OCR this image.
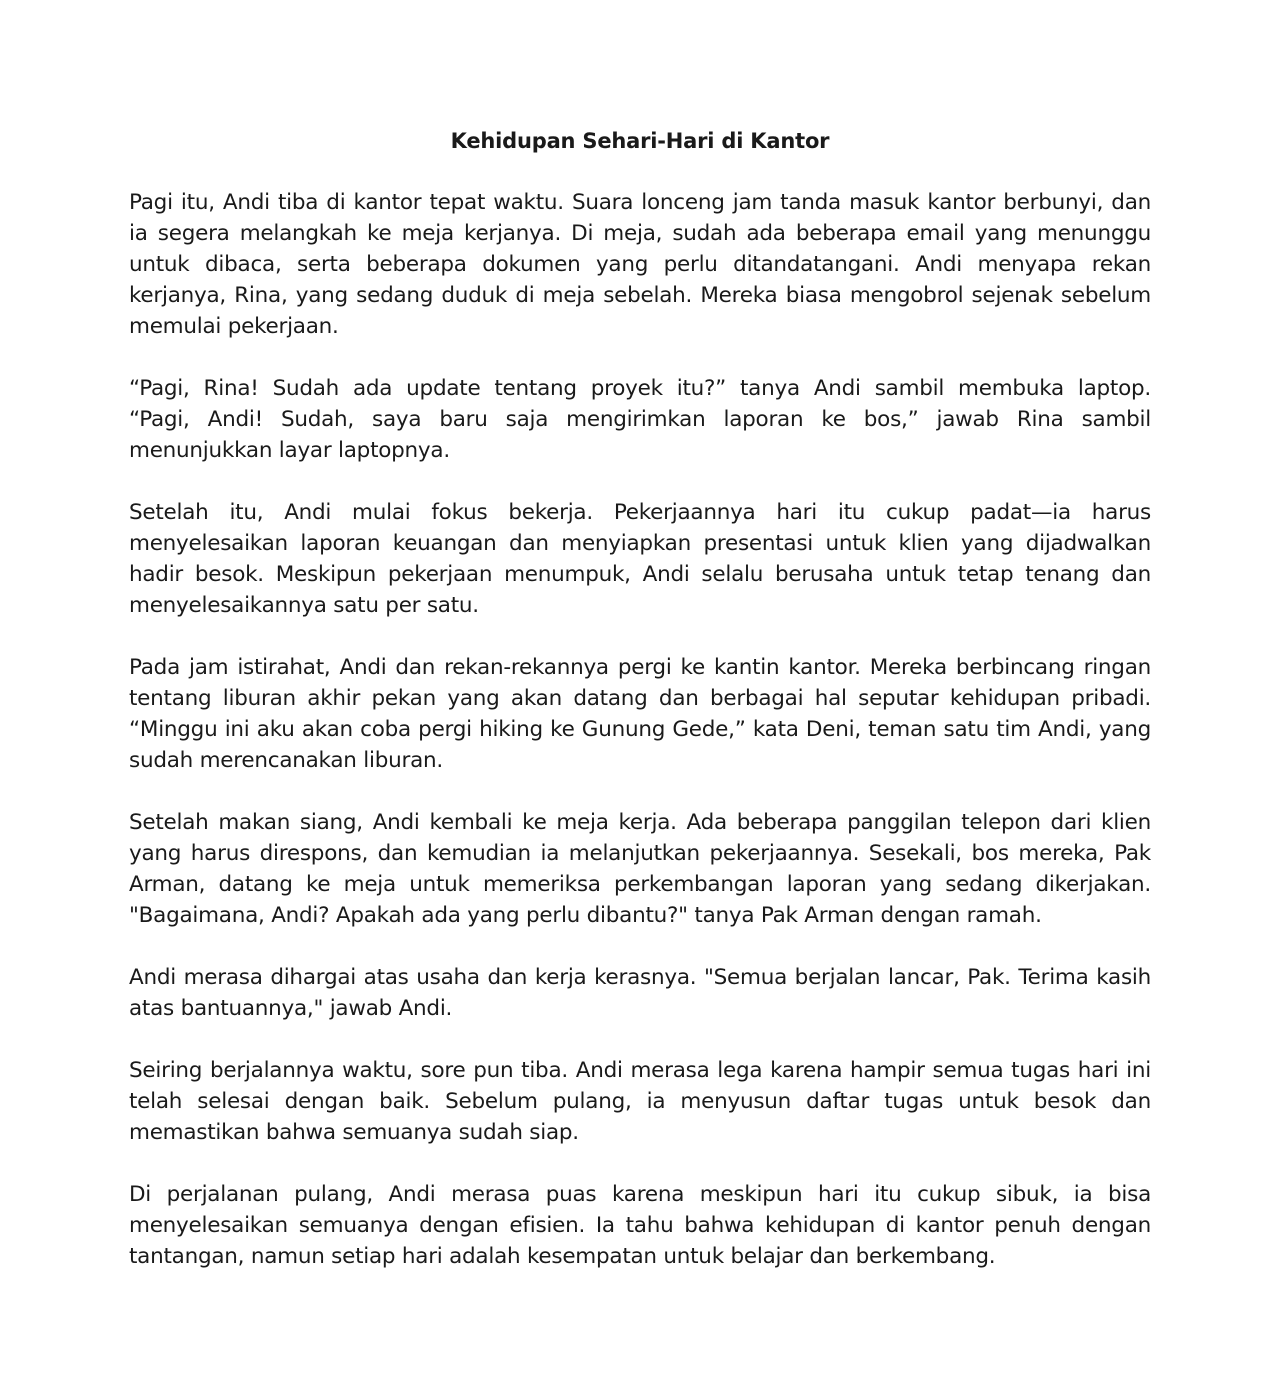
Kehidupan Sehari-Hari di Kantor
Pagi itu, Andi tiba di kantor tepat waktu. Suara lonceng jam tanda masuk kantor berbunyi, dan
ia segera melangkah ke meja kerjanya. Di meja, sudah ada beberapa email yang menunggu
untuk dibaca, serta beberapa dokumen yang perlu ditandatangani. Andi menyapa rekan
kerjanya, Rina, yang sedang duduk di meja sebelah. Mereka biasa mengobrol sejenak sebelum
memulai pekerjaan.
“Pagi, Rina! Sudah ada update tentang proyek itu?” tanya Andi sambil membuka laptop.
“Pagi, Andi! Sudah, saya baru saja mengirimkan laporan ke bos,” jawab Rina sambil
menunjukkan layar laptopnya.
Setelah itu, Andi mulai fokus bekerja. Pekerjaannya hari itu cukup padat—ia harus
menyelesaikan laporan keuangan dan menyiapkan presentasi untuk klien yang dijadwalkan
hadir besok. Meskipun pekerjaan menumpuk, Andi selalu berusaha untuk tetap tenang dan
menyelesaikannya satu per satu.
Pada jam istirahat, Andi dan rekan-rekannya pergi ke kantin kantor. Mereka berbincang ringan
tentang liburan akhir pekan yang akan datang dan berbagai hal seputar kehidupan pribadi.
“Minggu ini aku akan coba pergi hiking ke Gunung Gede,” kata Deni, teman satu tim Andi, yang
sudah merencanakan liburan.
Setelah makan siang, Andi kembali ke meja kerja. Ada beberapa panggilan telepon dari klien
yang harus direspons, dan kemudian ia melanjutkan pekerjaannya. Sesekali, bos mereka, Pak
Arman, datang ke meja untuk memeriksa perkembangan laporan yang sedang dikerjakan.
"Bagaimana, Andi? Apakah ada yang perlu dibantu?" tanya Pak Arman dengan ramah.
Andi merasa dihargai atas usaha dan kerja kerasnya. "Semua berjalan lancar, Pak. Terima kasih
atas bantuannya," jawab Andi.
Seiring berjalannya waktu, sore pun tiba. Andi merasa lega karena hampir semua tugas hari ini
telah selesai dengan baik. Sebelum pulang, ia menyusun daftar tugas untuk besok dan
memastikan bahwa semuanya sudah siap.
Di perjalanan pulang, Andi merasa puas karena meskipun hari itu cukup sibuk, ia bisa
menyelesaikan semuanya dengan efisien. Ia tahu bahwa kehidupan di kantor penuh dengan
tantangan, namun setiap hari adalah kesempatan untuk belajar dan berkembang.
